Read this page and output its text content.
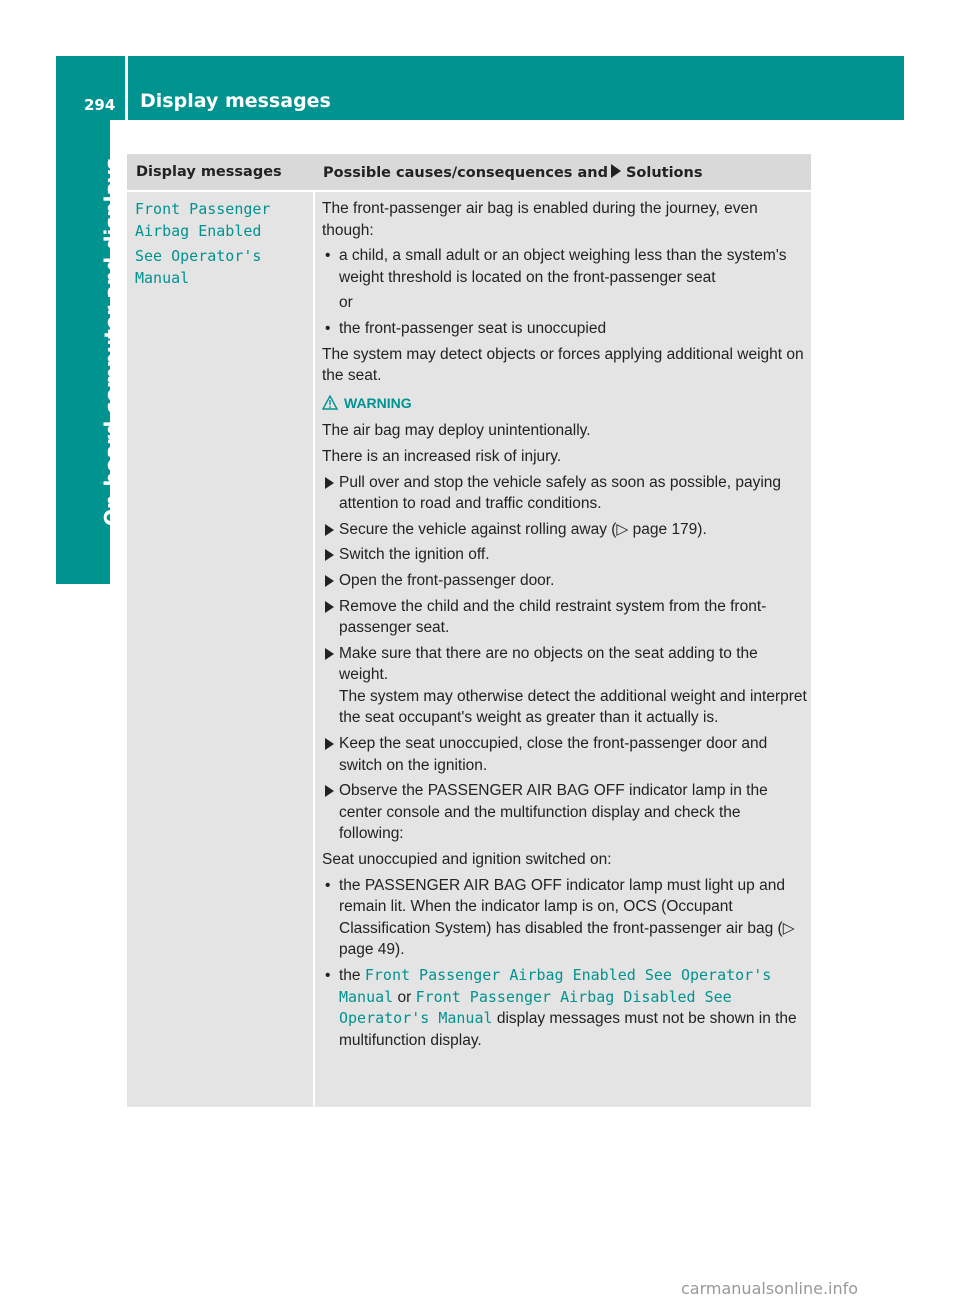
294 Display messages
On-board computer and displays Display messages	Possible causes/consequences and Solutions
Front Passenger Airbag Enabled
See Operator's Manual
The front-passenger air bag is enabled during the journey, even though:
• a child, a small adult or an object weighing less than the system's weight threshold is located on the front-passenger seat
or
• the front-passenger seat is unoccupied
The system may detect objects or forces applying additional weight on the seat.
WARNING
The air bag may deploy unintentionally.
There is an increased risk of injury.
Pull over and stop the vehicle safely as soon as possible, paying attention to road and traffic conditions.
Secure the vehicle against rolling away (▷ page 179).
Switch the ignition off.
Open the front-passenger door.
Remove the child and the child restraint system from the front-passenger seat.
Make sure that there are no objects on the seat adding to the weight.
The system may otherwise detect the additional weight and interpret the seat occupant's weight as greater than it actually is.
Keep the seat unoccupied, close the front-passenger door and switch on the ignition.
Observe the PASSENGER AIR BAG OFF indicator lamp in the center console and the multifunction display and check the following:
Seat unoccupied and ignition switched on:
• the PASSENGER AIR BAG OFF indicator lamp must light up and remain lit. When the indicator lamp is on, OCS (Occupant Classification System) has disabled the front-passenger air bag (▷ page 49).
• the Front Passenger Airbag Enabled See Operator's Manual or Front Passenger Airbag Disabled See Operator's Manual display messages must not be shown in the multifunction display.
carmanualsonline.info
